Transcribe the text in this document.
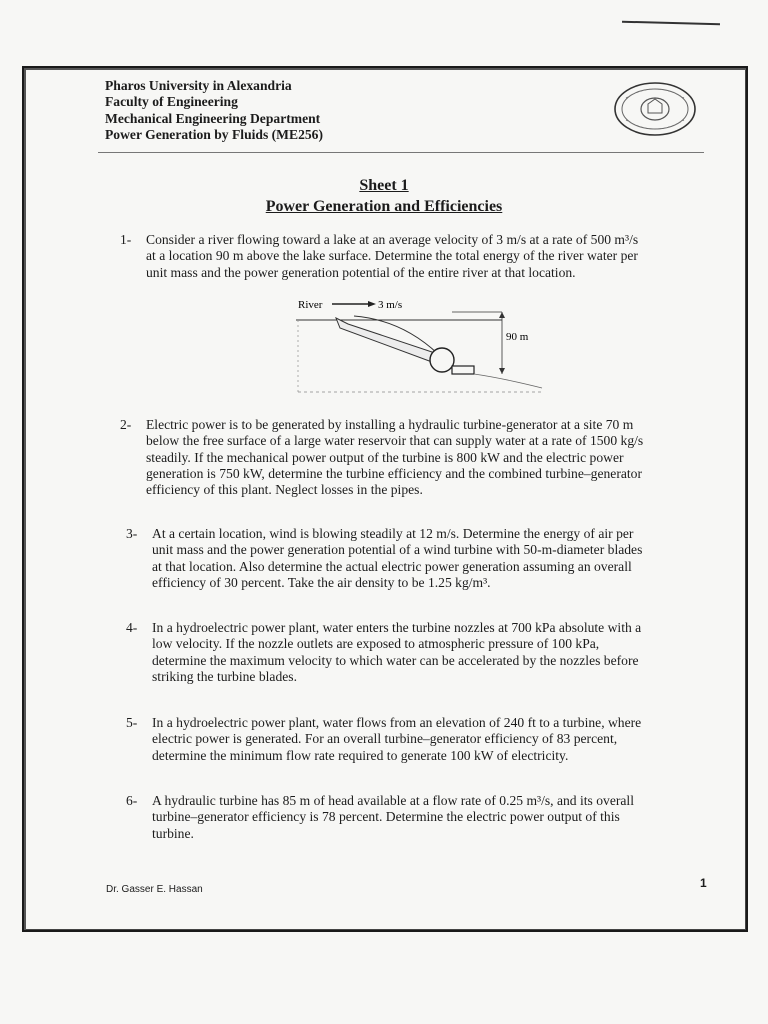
Pharos University in Alexandria
Faculty of Engineering
Mechanical Engineering Department
Power Generation by Fluids (ME256)
Sheet 1
Power Generation and Efficiencies
1- Consider a river flowing toward a lake at an average velocity of 3 m/s at a rate of 500 m³/s

at a location 90 m above the lake surface. Determine the total energy of the river water per

unit mass and the power generation potential of the entire river at that location.

River	3 m/s
90 m
2- Electric power is to be generated by installing a hydraulic turbine-generator at a site 70 m

below the free surface of a large water reservoir that can supply water at a rate of 1500 kg/s

steadily. If the mechanical power output of the turbine is 800 kW and the electric power

generation is 750 kW, determine the turbine efficiency and the combined turbine–generator

efficiency of this plant. Neglect losses in the pipes.

3- At a certain location, wind is blowing steadily at 12 m/s. Determine the energy of air per

unit mass and the power generation potential of a wind turbine with 50-m-diameter blades

at that location. Also determine the actual electric power generation assuming an overall

efficiency of 30 percent. Take the air density to be 1.25 kg/m³.

4- In a hydroelectric power plant, water enters the turbine nozzles at 700 kPa absolute with a

low velocity. If the nozzle outlets are exposed to atmospheric pressure of 100 kPa,

determine the maximum velocity to which water can be accelerated by the nozzles before

striking the turbine blades.

5- In a hydroelectric power plant, water flows from an elevation of 240 ft to a turbine, where

electric power is generated. For an overall turbine–generator efficiency of 83 percent,

determine the minimum flow rate required to generate 100 kW of electricity.

6- A hydraulic turbine has 85 m of head available at a flow rate of 0.25 m³/s, and its overall

turbine–generator efficiency is 78 percent. Determine the electric power output of this

turbine.

Dr. Gasser E. Hassan	1
